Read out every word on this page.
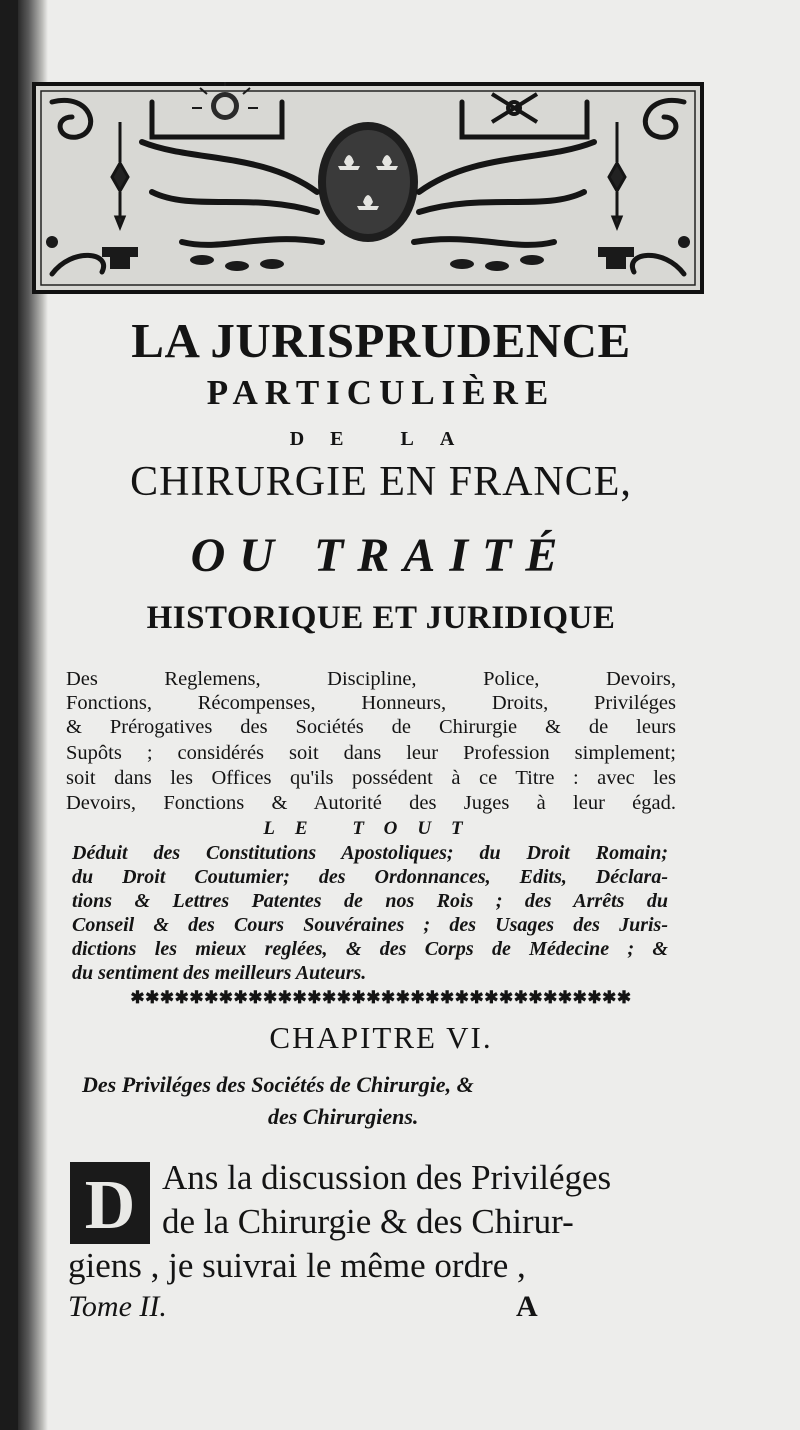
LA JURISPRUDENCE
PARTICULIÈRE
DE LA
CHIRURGIE EN FRANCE,
OU TRAITÉ
HISTORIQUE ET JURIDIQUE
Des Reglemens, Discipline, Police, Devoirs,
Fonctions, Récompenses, Honneurs, Droits, Priviléges
& Prérogatives des Sociétés de Chirurgie & de leurs
Supôts ; considérés soit dans leur Profession simplement;
soit dans les Offices qu'ils possédent à ce Titre : avec les
Devoirs, Fonctions & Autorité des Juges à leur égad.
LE TOUT
Déduit des Constitutions Apostoliques; du Droit Romain;
du Droit Coutumier; des Ordonnances, Edits, Déclara-
tions & Lettres Patentes de nos Rois ; des Arrêts du
Conseil & des Cours Souvéraines ; des Usages des Juris-
dictions les mieux reglées, & des Corps de Médecine ; &
du sentiment des meilleurs Auteurs.
✱✱✱✱✱✱✱✱✱✱✱✱✱✱✱✱✱✱✱✱✱✱✱✱✱✱✱✱✱✱✱✱✱✱
CHAPITRE VI.
Des Priviléges des Sociétés de Chirurgie, &
des Chirurgiens.
D Ans la discussion des Priviléges
de la Chirurgie & des Chirur-
giens , je suivrai le même ordre ,
Tome II.	A
